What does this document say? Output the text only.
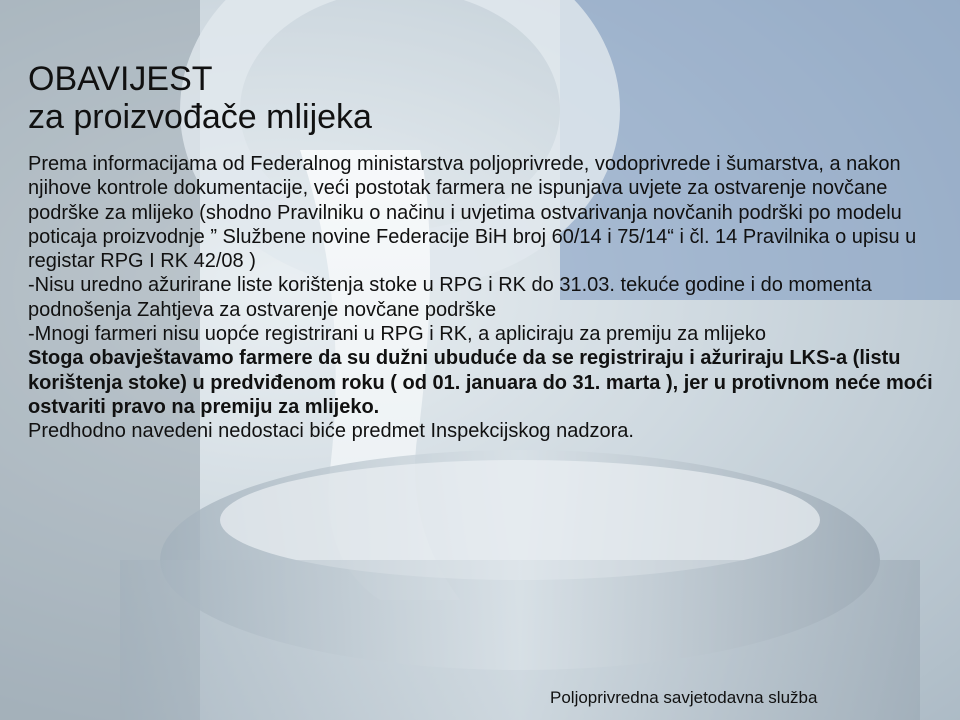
OBAVIJEST
za proizvođače mlijeka

Prema informacijama od Federalnog ministarstva poljoprivrede, vodoprivrede i šumarstva, a nakon njihove kontrole dokumentacije, veći postotak farmera ne ispunjava uvjete za ostvarenje novčane podrške za mlijeko (shodno Pravilniku o načinu i uvjetima ostvarivanja novčanih podrški po modelu poticaja proizvodnje ” Službene novine Federacije BiH broj 60/14 i 75/14“ i čl. 14 Pravilnika o upisu u registar RPG I RK 42/08 )

-Nisu uredno ažurirane liste korištenja stoke u RPG i RK do 31.03. tekuće godine i do momenta podnošenja Zahtjeva za ostvarenje novčane podrške

-Mnogi farmeri nisu uopće registrirani u RPG i RK, a apliciraju za premiju za mlijeko

Stoga obavještavamo farmere da su dužni ubuduće da se registriraju i ažuriraju LKS-a (listu korištenja stoke) u predviđenom roku ( od 01. januara do 31. marta ), jer u protivnom neće moći ostvariti pravo na premiju za mlijeko.

Predhodno navedeni nedostaci biće predmet Inspekcijskog nadzora.

Poljoprivredna savjetodavna služba
